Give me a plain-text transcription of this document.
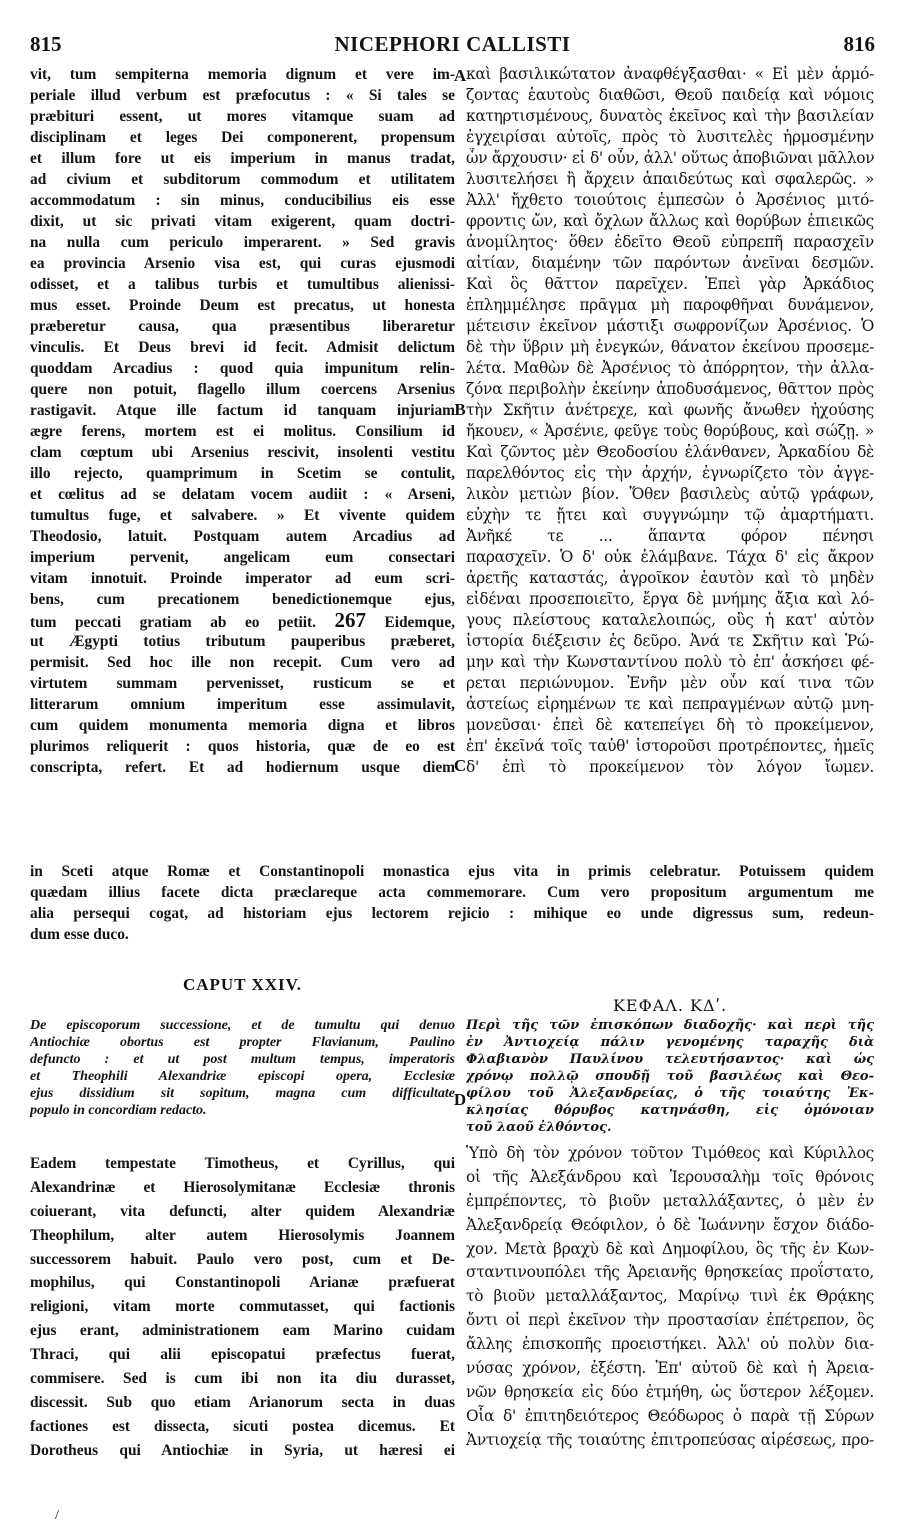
815	NICEPHORI CALLISTI	816
vit, tum sempiterna memoria dignum et vere im-
periale illud verbum est præfocutus : « Si tales se
præbituri essent, ut mores vitamque suam ad
disciplinam et leges Dei componerent, propensum
et illum fore ut eis imperium in manus tradat,
ad civium et subditorum commodum et utilitatem
accommodatum : sin minus, conducibilius eis esse
dixit, ut sic privati vitam exigerent, quam doctri-
na nulla cum periculo imperarent. » Sed gravis
ea provincia Arsenio visa est, qui curas ejusmodi
odisset, et a talibus turbis et tumultibus alienissi-
mus esset. Proinde Deum est precatus, ut honesta
præberetur causa, qua præsentibus liberaretur
vinculis. Et Deus brevi id fecit. Admisit delictum
quoddam Arcadius : quod quia impunitum relin-
quere non potuit, flagello illum coercens Arsenius
rastigavit. Atque ille factum id tanquam injuriam
ægre ferens, mortem est ei molitus. Consilium id
clam cœptum ubi Arsenius rescivit, insolenti vestitu
illo rejecto, quamprimum in Scetim se contulit,
et cœlitus ad se delatam vocem audiit : « Arseni,
tumultus fuge, et salvabere. » Et vivente quidem
Theodosio, latuit. Postquam autem Arcadius ad
imperium pervenit, angelicam eum consectari
vitam innotuit. Proinde imperator ad eum scri-
bens, cum precationem benedictionemque ejus,
tum peccati gratiam ab eo petiit. 267 Eidemque,
ut Ægypti totius tributum pauperibus præberet,
permisit. Sed hoc ille non recepit. Cum vero ad
virtutem summam pervenisset, rusticum se et
litterarum omnium imperitum esse assimulavit,
cum quidem monumenta memoria digna et libros
plurimos reliquerit : quos historia, quæ de eo est
conscripta, refert. Et ad hodiernum usque diem
καὶ βασιλικώτατον ἀναφθέγξασθαι· « Εἰ μὲν ἁρμό-
ζοντας ἑαυτοὺς διαθῶσι, Θεοῦ παιδείᾳ καὶ νόμοις
κατηρτισμένους, δυνατὸς ἐκεῖνος καὶ τὴν βασιλείαν
ἐγχειρίσαι αὐτοῖς, πρὸς τὸ λυσιτελὲς ἡρμοσμένην
ὧν ἄρχουσιν· εἰ δ' οὖν, ἀλλ' οὕτως ἀποβιῶναι μᾶλλον
λυσιτελήσει ἢ ἄρχειν ἀπαιδεύτως καὶ σφαλερῶς. »
Ἀλλ' ἤχθετο τοιούτοις ἐμπεσὼν ὁ Ἀρσένιος μιτό-
φροντις ὤν, καὶ ὄχλων ἄλλως καὶ θορύβων ἐπιεικῶς
ἀνομίλητος· ὅθεν ἐδεῖτο Θεοῦ εὐπρεπῆ παρασχεῖν
αἰτίαν, διαμένην τῶν παρόντων ἀνεῖναι δεσμῶν.
Καὶ ὃς θᾶττον παρεῖχεν. Ἐπεὶ γὰρ Ἀρκάδιος
ἐπλημμέλησε πρᾶγμα μὴ παροφθῆναι δυνάμενον,
μέτεισιν ἐκεῖνον μάστιξι σωφρονίζων Ἀρσένιος. Ὁ
δὲ τὴν ὕβριν μὴ ἐνεγκών, θάνατον ἐκείνου προσεμε-
λέτα. Μαθὼν δὲ Ἀρσένιος τὸ ἀπόρρητον, τὴν ἀλλα-
ζόνα περιβολὴν ἐκείνην ἀποδυσάμενος, θᾶττον πρὸς
τὴν Σκῆτιν ἀνέτρεχε, καὶ φωνῆς ἄνωθεν ἠχούσης
ἤκουεν, « Ἀρσένιε, φεῦγε τοὺς θορύβους, καὶ σώζῃ. »
Καὶ ζῶντος μὲν Θεοδοσίου ἐλάνθανεν, Ἀρκαδίου δὲ
παρελθόντος εἰς τὴν ἀρχήν, ἐγνωρίζετο τὸν ἀγγε-
λικὸν μετιὼν βίον. Ὅθεν βασιλεὺς αὐτῷ γράφων,
εὐχὴν τε ᾔτει καὶ συγγνώμην τῷ ἁμαρτήματι.
Ἀνῆκέ τε ... ἅπαντα φόρον πένησι
παρασχεῖν. Ὁ δ' οὐκ ἐλάμβανε. Τάχα δ' εἰς ἄκρον
ἀρετῆς καταστάς, ἀγροῖκον ἑαυτὸν καὶ τὸ μηδὲν
εἰδέναι προσεποιεῖτο, ἔργα δὲ μνήμης ἄξια καὶ λό-
γους πλείστους καταλελοιπώς, οὓς ἡ κατ' αὐτὸν
ἱστορία διέξεισιν ἐς δεῦρο. Ἀνά τε Σκῆτιν καὶ Ῥώ-
μην καὶ τὴν Κωνσταντίνου πολὺ τὸ ἐπ' ἀσκήσει φέ-
ρεται περιώνυμον. Ἐνῆν μὲν οὖν καί τινα τῶν
ἀστείως εἰρημένων τε καὶ πεπραγμένων αὐτῷ μνη-
μονεῦσαι· ἐπεὶ δὲ κατεπείγει δὴ τὸ προκείμενον,
ἐπ' ἐκεῖνά τοῖς ταὐθ' ἱστοροῦσι προτρέποντες, ἡμεῖς
δ' ἐπὶ τὸ προκείμενον τὸν λόγον ἴωμεν.
A
B
C
D
in Sceti atque Romæ et Constantinopoli monastica ejus vita in primis celebratur. Potuissem quidem
quædam illius facete dicta præclareque acta commemorare. Cum vero propositum argumentum me
alia persequi cogat, ad historiam ejus lectorem rejicio : mihique eo unde digressus sum, redeun-
dum esse duco.
CAPUT XXIV.
ΚΕΦΑΛ. ΚΔʹ.
De episcoporum successione, et de tumultu qui denuo
Antiochiæ obortus est propter Flavianum, Paulino
defuncto : et ut post multum tempus, imperatoris
et Theophili Alexandriæ episcopi opera, Ecclesiæ
ejus dissidium sit sopitum, magna cum difficultate
populo in concordiam redacto.
Περὶ τῆς τῶν ἐπισκόπων διαδοχῆς· καὶ περὶ τῆς
ἐν Ἀντιοχείᾳ πάλιν γενομένης ταραχῆς διὰ
Φλαβιανὸν Παυλίνου τελευτήσαντος· καὶ ὡς
χρόνῳ πολλῷ σπουδῇ τοῦ βασιλέως καὶ Θεο-
φίλου τοῦ Ἀλεξανδρείας, ὁ τῆς τοιαύτης Ἐκ-
κλησίας θόρυβος κατηνάσθη, εἰς ὁμόνοιαν
τοῦ λαοῦ ἐλθόντος.
Eadem tempestate Timotheus, et Cyrillus, qui
Alexandrinæ et Hierosolymitanæ Ecclesiæ thronis
coiuerant, vita defuncti, alter quidem Alexandriæ
Theophilum, alter autem Hierosolymis Joannem
successorem habuit. Paulo vero post, cum et De-
mophilus, qui Constantinopoli Arianæ præfuerat
religioni, vitam morte commutasset, qui factionis
ejus erant, administrationem eam Marino cuidam
Thraci, qui alii episcopatui præfectus fuerat,
commisere. Sed is cum ibi non ita diu durasset,
discessit. Sub quo etiam Arianorum secta in duas
factiones est dissecta, sicuti postea dicemus. Et
Dorotheus qui Antiochiæ in Syria, ut hæresi ei
Ὑπὸ δὴ τὸν χρόνον τοῦτον Τιμόθεος καὶ Κύριλλος
οἱ τῆς Ἀλεξάνδρου καὶ Ἱερουσαλὴμ τοῖς θρόνοις
ἐμπρέποντες, τὸ βιοῦν μεταλλάξαντες, ὁ μὲν ἐν
Ἀλεξανδρείᾳ Θεόφιλον, ὁ δὲ Ἰωάννην ἔσχον διάδο-
χον. Μετὰ βραχὺ δὲ καὶ Δημοφίλου, ὃς τῆς ἐν Κων-
σταντινουπόλει τῆς Ἀρειανῆς θρησκείας προΐστατο,
τὸ βιοῦν μεταλλάξαντος, Μαρίνῳ τινὶ ἐκ Θρᾴκης
ὄντι οἱ περὶ ἐκεῖνον τὴν προστασίαν ἐπέτρεπον, ὃς
ἄλλης ἐπισκοπῆς προειστήκει. Ἀλλ' οὐ πολὺν δια-
νύσας χρόνον, ἐξέστη. Ἐπ' αὐτοῦ δὲ καὶ ἡ Ἀρεια-
νῶν θρησκεία εἰς δύο ἐτμήθη, ὡς ὕστερον λέξομεν.
Οἷα δ' ἐπιτηδειότερος Θεόδωρος ὁ παρὰ τῇ Σύρων
Ἀντιοχείᾳ τῆς τοιαύτης ἐπιτροπεύσας αἱρέσεως, προ-
/
